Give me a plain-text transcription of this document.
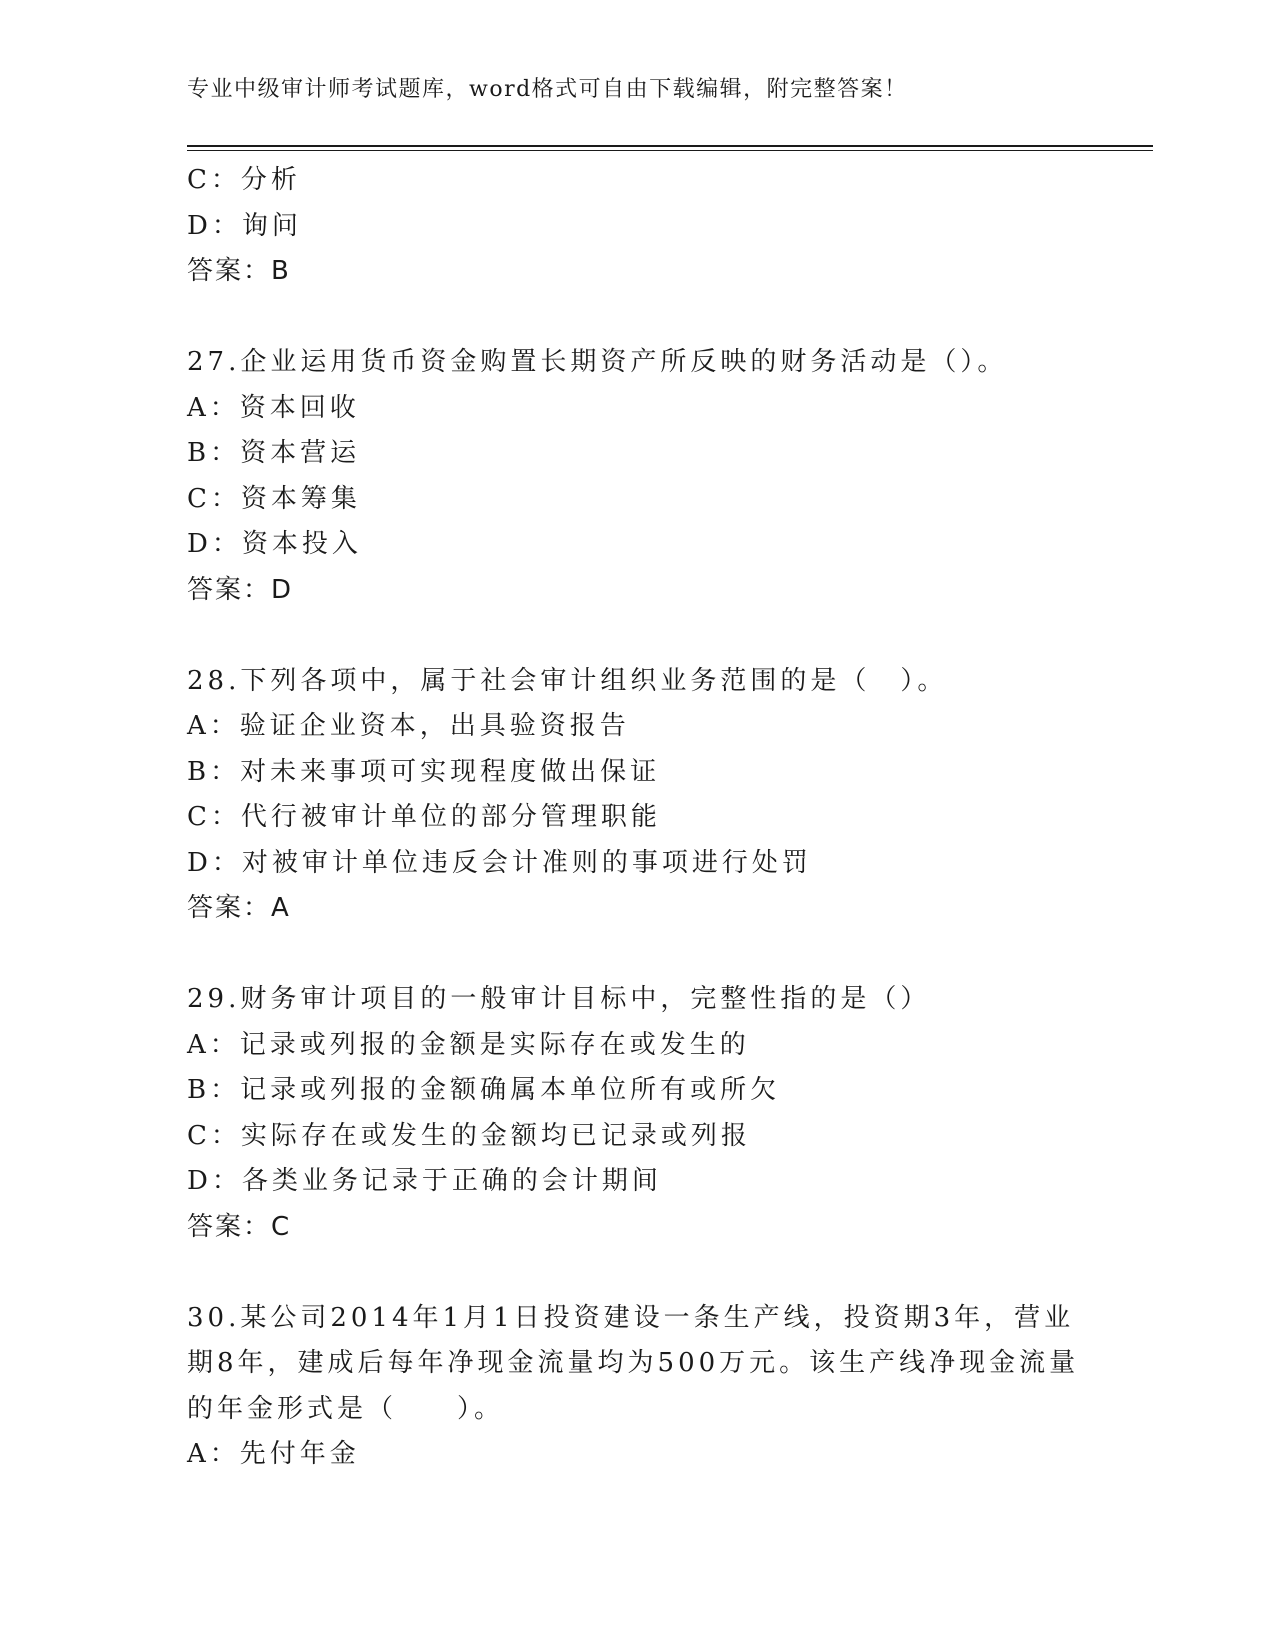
专业中级审计师考试题库，word格式可自由下载编辑，附完整答案！
C：分析
D：询问
答案：B
27.企业运用货币资金购置长期资产所反映的财务活动是（）。
A：资本回收
B：资本营运
C：资本筹集
D：资本投入
答案：D
28.下列各项中，属于社会审计组织业务范围的是（　）。
A：验证企业资本，出具验资报告
B：对未来事项可实现程度做出保证
C：代行被审计单位的部分管理职能
D：对被审计单位违反会计准则的事项进行处罚
答案：A
29.财务审计项目的一般审计目标中，完整性指的是（）
A：记录或列报的金额是实际存在或发生的
B：记录或列报的金额确属本单位所有或所欠
C：实际存在或发生的金额均已记录或列报
D：各类业务记录于正确的会计期间
答案：C
30.某公司2014年1月1日投资建设一条生产线，投资期3年，营业
期8年，建成后每年净现金流量均为500万元。该生产线净现金流量
的年金形式是（　　）。
A：先付年金
